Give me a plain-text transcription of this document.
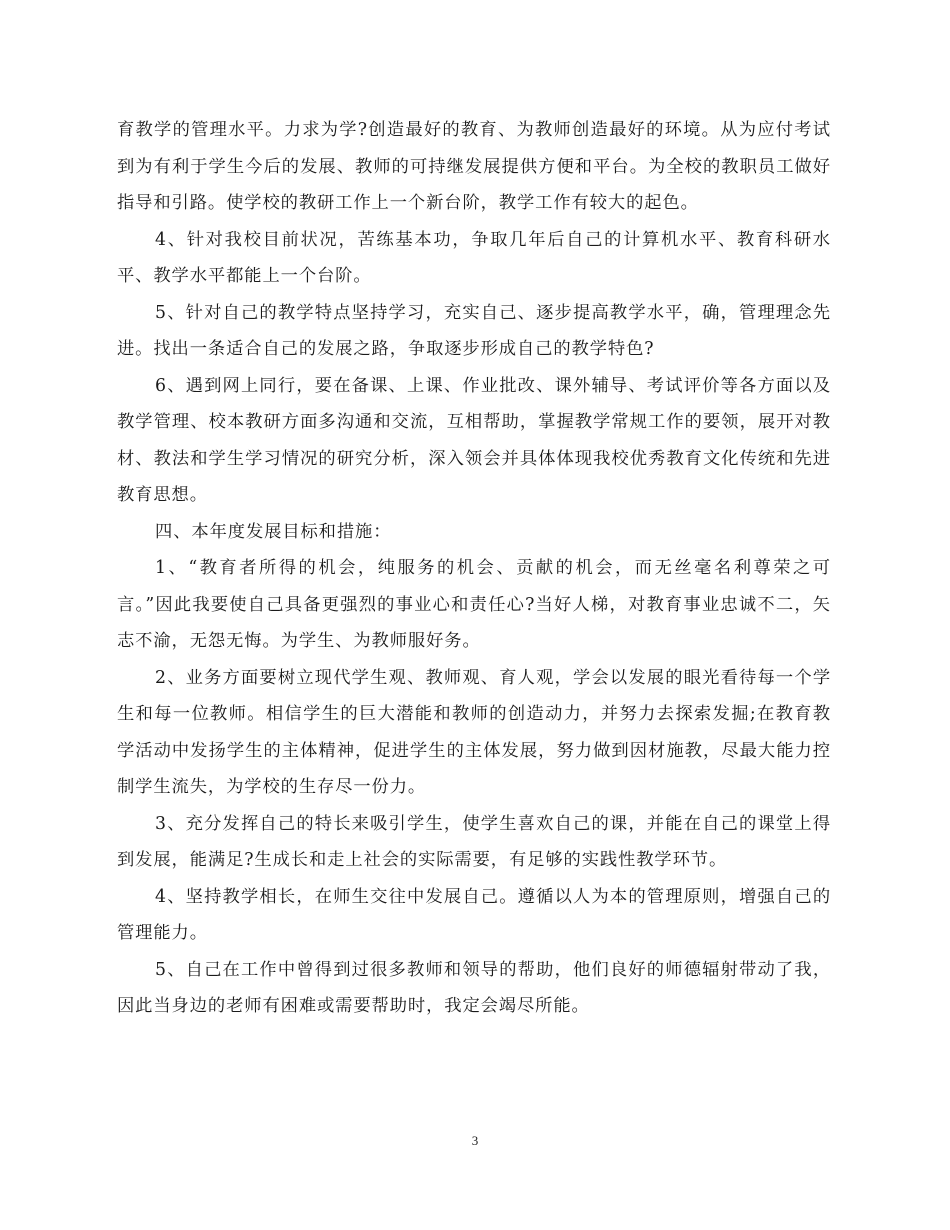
育教学的管理水平。力求为学?创造最好的教育、为教师创造最好的环境。从为应付考试到为有利于学生今后的发展、教师的可持继发展提供方便和平台。为全校的教职员工做好指导和引路。使学校的教研工作上一个新台阶，教学工作有较大的起色。

4、针对我校目前状况，苦练基本功，争取几年后自己的计算机水平、教育科研水平、教学水平都能上一个台阶。

5、针对自己的教学特点坚持学习，充实自己、逐步提高教学水平，确，管理理念先进。找出一条适合自己的发展之路，争取逐步形成自己的教学特色?

6、遇到网上同行，要在备课、上课、作业批改、课外辅导、考试评价等各方面以及教学管理、校本教研方面多沟通和交流，互相帮助，掌握教学常规工作的要领，展开对教材、教法和学生学习情况的研究分析，深入领会并具体体现我校优秀教育文化传统和先进教育思想。

四、本年度发展目标和措施：

1、“教育者所得的机会，纯服务的机会、贡献的机会，而无丝毫名利尊荣之可言。”因此我要使自己具备更强烈的事业心和责任心?当好人梯，对教育事业忠诚不二，矢志不渝，无怨无悔。为学生、为教师服好务。

2、业务方面要树立现代学生观、教师观、育人观，学会以发展的眼光看待每一个学生和每一位教师。相信学生的巨大潜能和教师的创造动力，并努力去探索发掘;在教育教学活动中发扬学生的主体精神，促进学生的主体发展，努力做到因材施教，尽最大能力控制学生流失，为学校的生存尽一份力。

3、充分发挥自己的特长来吸引学生，使学生喜欢自己的课，并能在自己的课堂上得到发展，能满足?生成长和走上社会的实际需要，有足够的实践性教学环节。

4、坚持教学相长，在师生交往中发展自己。遵循以人为本的管理原则，增强自己的管理能力。

5、自己在工作中曾得到过很多教师和领导的帮助，他们良好的师德辐射带动了我，因此当身边的老师有困难或需要帮助时，我定会竭尽所能。

3
